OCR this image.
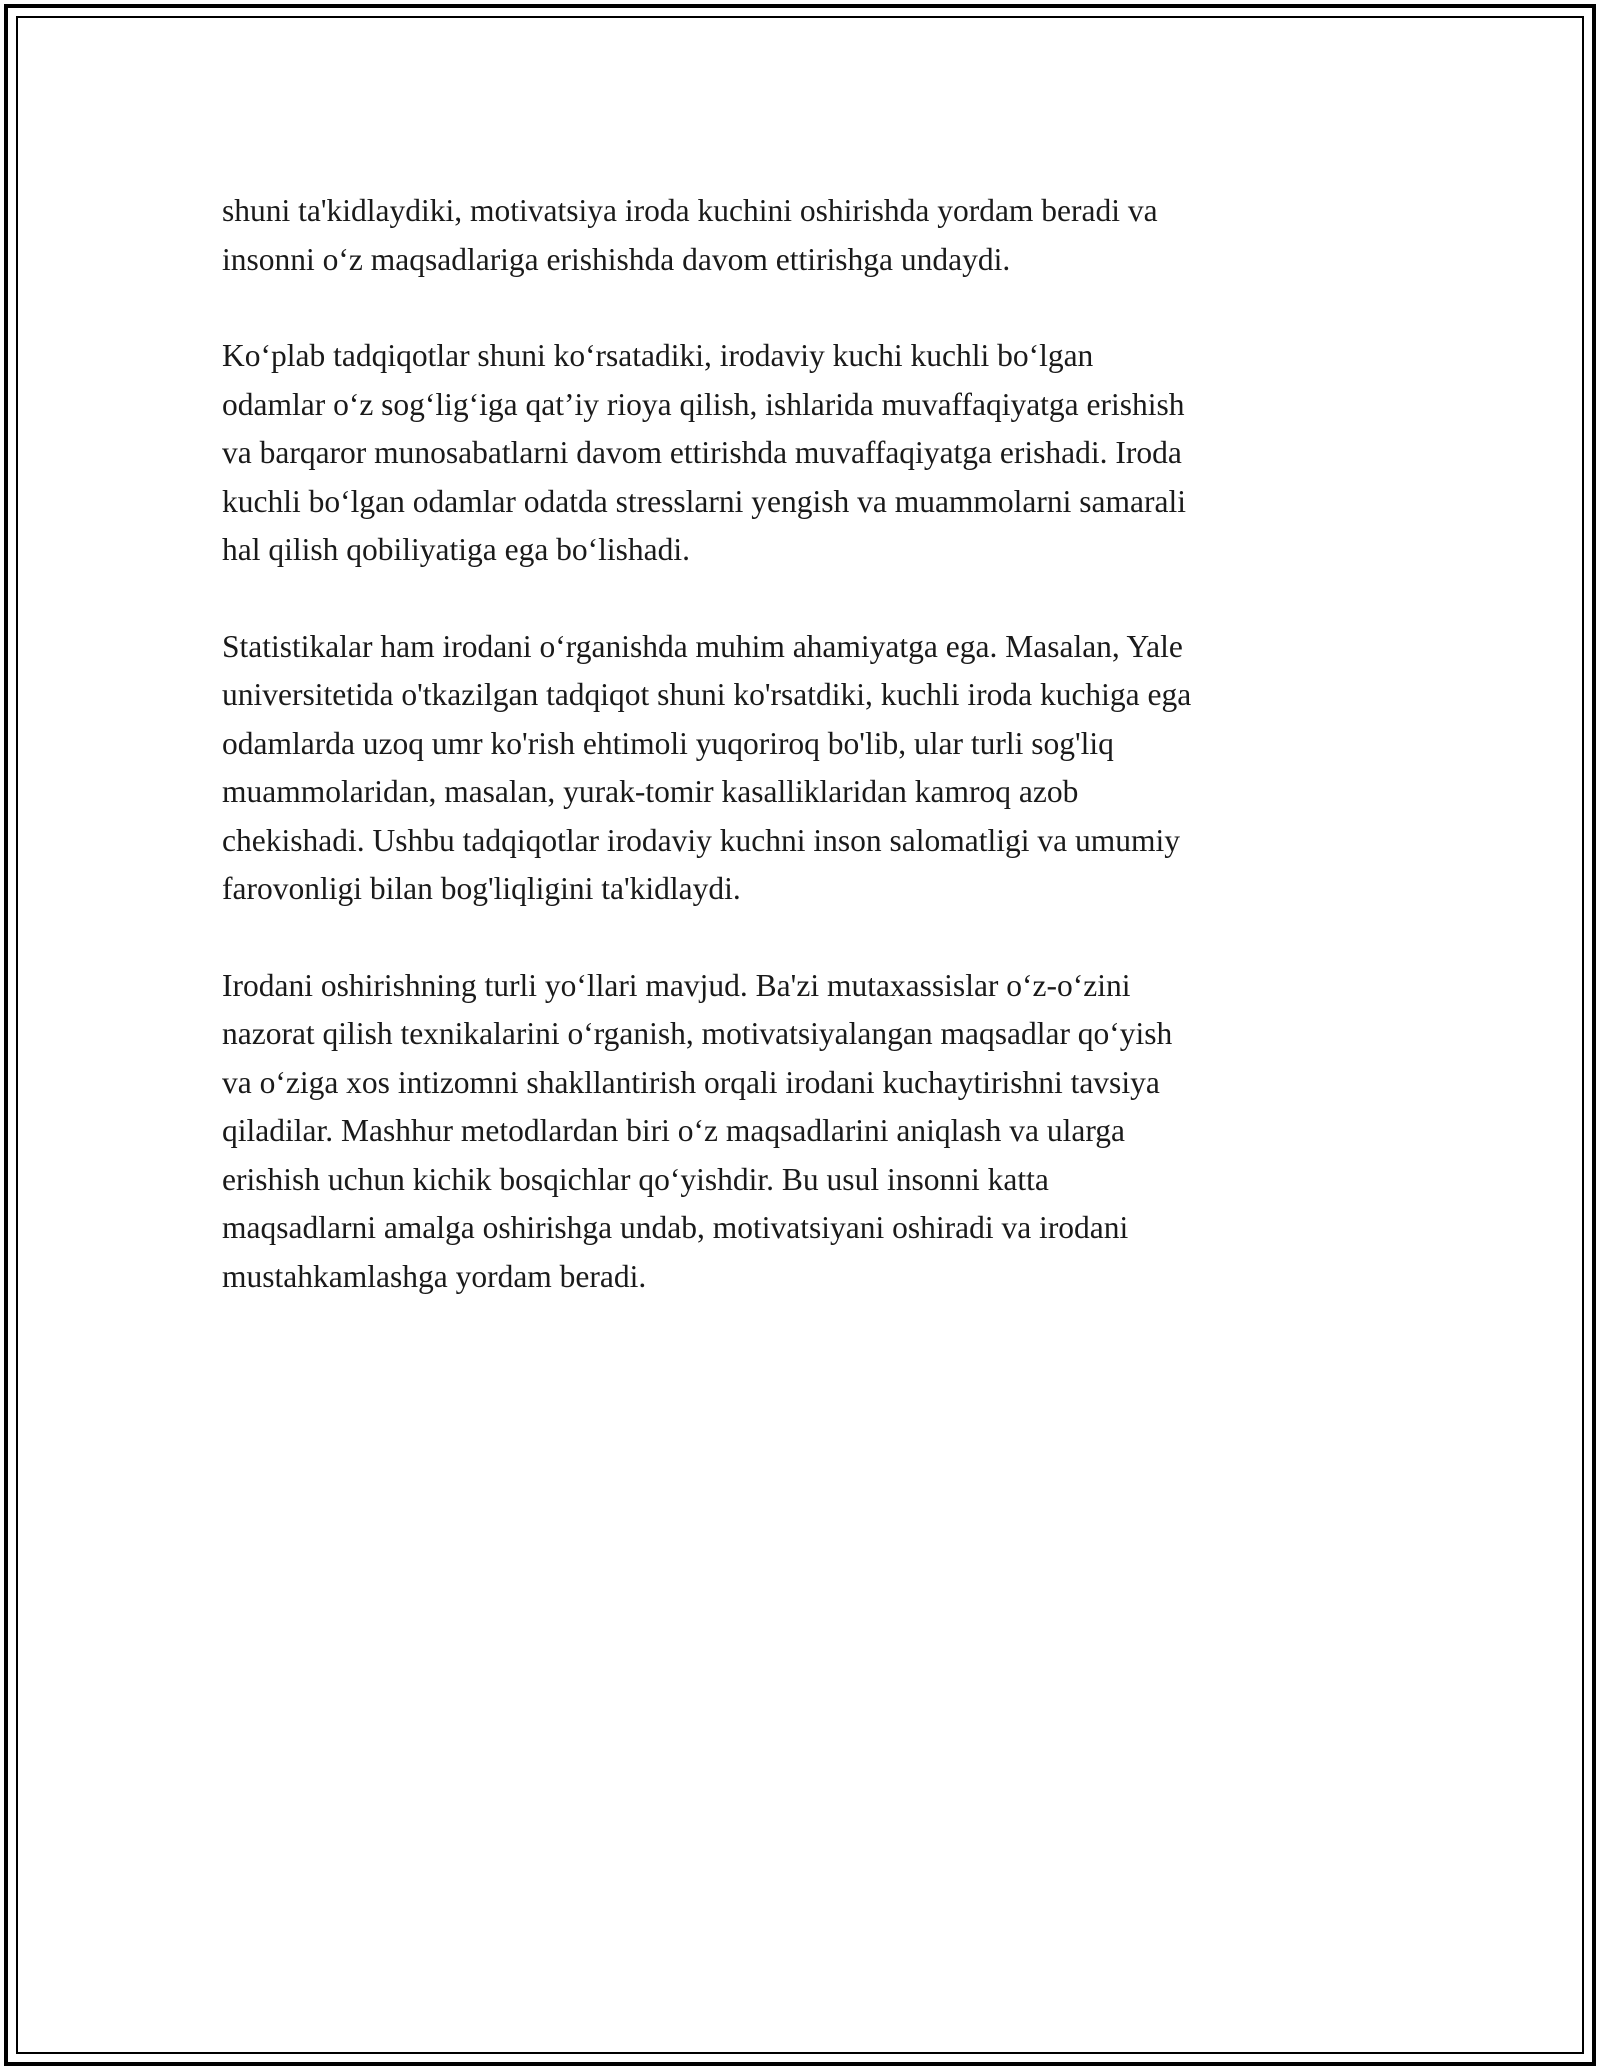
shuni ta'kidlaydiki, motivatsiya iroda kuchini oshirishda yordam beradi va
insonni oʻz maqsadlariga erishishda davom ettirishga undaydi.

Koʻplab tadqiqotlar shuni koʻrsatadiki, irodaviy kuchi kuchli boʻlgan
odamlar oʻz sogʻligʻiga qat’iy rioya qilish, ishlarida muvaffaqiyatga erishish
va barqaror munosabatlarni davom ettirishda muvaffaqiyatga erishadi. Iroda
kuchli boʻlgan odamlar odatda stresslarni yengish va muammolarni samarali
hal qilish qobiliyatiga ega boʻlishadi.

Statistikalar ham irodani oʻrganishda muhim ahamiyatga ega. Masalan, Yale
universitetida o'tkazilgan tadqiqot shuni ko'rsatdiki, kuchli iroda kuchiga ega
odamlarda uzoq umr ko'rish ehtimoli yuqoriroq bo'lib, ular turli sog'liq
muammolaridan, masalan, yurak-tomir kasalliklaridan kamroq azob
chekishadi. Ushbu tadqiqotlar irodaviy kuchni inson salomatligi va umumiy
farovonligi bilan bog'liqligini ta'kidlaydi.

Irodani oshirishning turli yoʻllari mavjud. Ba'zi mutaxassislar oʻz-oʻzini
nazorat qilish texnikalarini oʻrganish, motivatsiyalangan maqsadlar qoʻyish
va oʻziga xos intizomni shakllantirish orqali irodani kuchaytirishni tavsiya
qiladilar. Mashhur metodlardan biri oʻz maqsadlarini aniqlash va ularga
erishish uchun kichik bosqichlar qoʻyishdir. Bu usul insonni katta
maqsadlarni amalga oshirishga undab, motivatsiyani oshiradi va irodani
mustahkamlashga yordam beradi.
